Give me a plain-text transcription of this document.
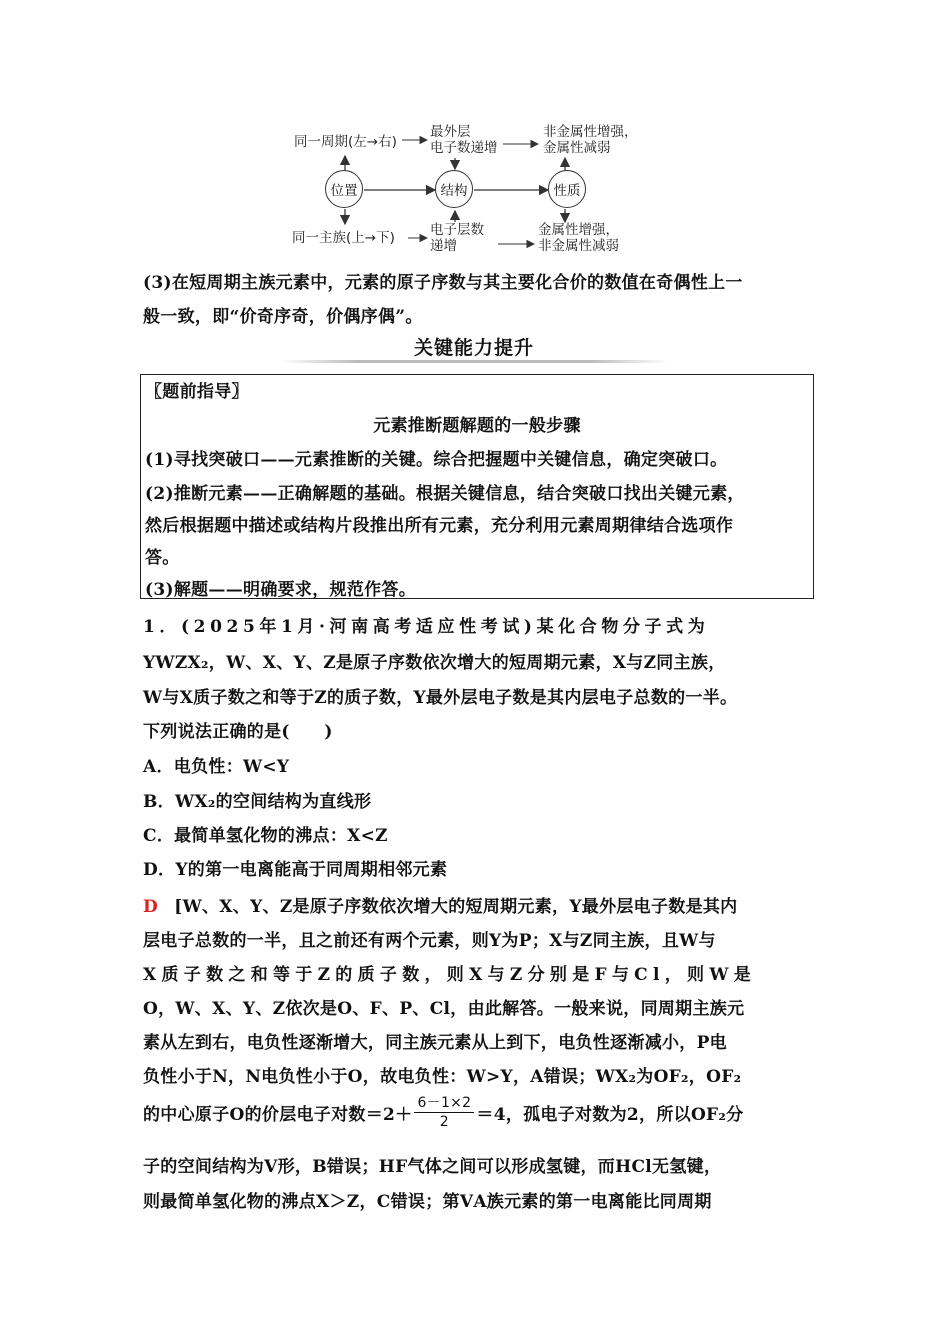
同一周期(左→右)
最外层
电子数递增
非金属性增强，
金属性减弱
位置	结构	性质
同一主族(上→下)	电子层数
递增
金属性增强，
非金属性减弱
(3)在短周期主族元素中，元素的原子序数与其主要化合价的数值在奇偶性上一
般一致，即“价奇序奇，价偶序偶”。
关键能力提升
〖题前指导〗
元素推断题解题的一般步骤
(1)寻找突破口——元素推断的关键。综合把握题中关键信息，确定突破口。
(2)推断元素——正确解题的基础。根据关键信息，结合突破口找出关键元素，
然后根据题中描述或结构片段推出所有元素，充分利用元素周期律结合选项作
答。
(3)解题——明确要求，规范作答。
1．(2025年1月·河南高考适应性考试)某化合物分子式为
YWZX₂，W、X、Y、Z是原子序数依次增大的短周期元素，X与Z同主族，
W与X质子数之和等于Z的质子数，Y最外层电子数是其内层电子总数的一半。
下列说法正确的是(　　)
A．电负性：W<Y
B．WX₂的空间结构为直线形
C．最简单氢化物的沸点：X<Z
D．Y的第一电离能高于同周期相邻元素
D [W、X、Y、Z是原子序数依次增大的短周期元素，Y最外层电子数是其内
层电子总数的一半，且之前还有两个元素，则Y为P；X与Z同主族，且W与
X质子数之和等于Z的质子数，则X与Z分别是F与Cl，则W是
O，W、X、Y、Z依次是O、F、P、Cl，由此解答。一般来说，同周期主族元
素从左到右，电负性逐渐增大，同主族元素从上到下，电负性逐渐减小，P电
负性小于N，N电负性小于O，故电负性：W>Y，A错误；WX₂为OF₂，OF₂
的中心原子O的价层电子对数$=2+ \frac{6-1\times 2}{2} =4$，孤电子对数为2，所以OF₂分
子的空间结构为V形，B错误；HF气体之间可以形成氢键，而HCl无氢键，
则最简单氢化物的沸点X＞Z，C错误；第ⅤA族元素的第一电离能比同周期
